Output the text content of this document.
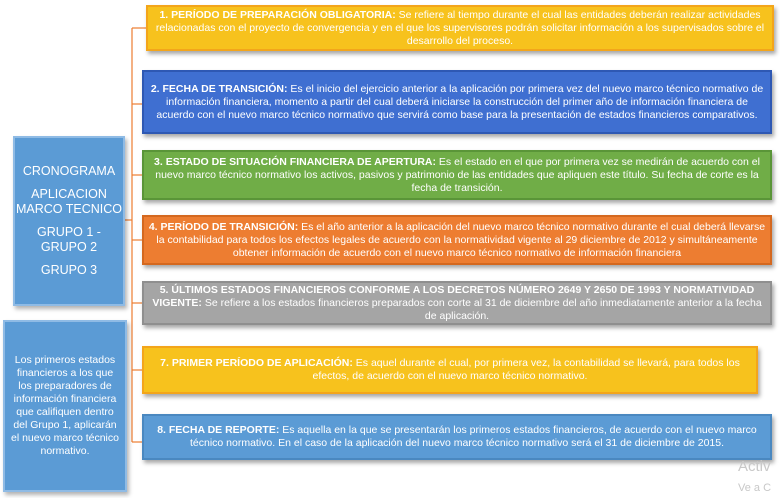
CRONOGRAMA
APLICACION MARCO TECNICO
GRUPO 1 - GRUPO 2
GRUPO 3
Los primeros estados financieros a los que los preparadores de información financiera que califiquen dentro del Grupo 1, aplicarán el nuevo marco técnico normativo.
1. PERÍODO DE PREPARACIÓN OBLIGATORIA: Se refiere al tiempo durante el cual las entidades deberán realizar actividades relacionadas con el proyecto de convergencia y en el que los supervisores podrán solicitar información a los supervisados sobre el desarrollo del proceso.
2. FECHA DE TRANSICIÓN: Es el inicio del ejercicio anterior a la aplicación por primera vez del nuevo marco técnico normativo de información financiera, momento a partir del cual deberá iniciarse la construcción del primer año de información financiera de acuerdo con el nuevo marco técnico normativo que servirá como base para la presentación de estados financieros comparativos.
3. ESTADO DE SITUACIÓN FINANCIERA DE APERTURA: Es el estado en el que por primera vez se medirán de acuerdo con el nuevo marco técnico normativo los activos, pasivos y patrimonio de las entidades que apliquen este título. Su fecha de corte es la fecha de transición.
4. PERÍODO DE TRANSICIÓN: Es el año anterior a la aplicación del nuevo marco técnico normativo durante el cual deberá llevarse la contabilidad para todos los efectos legales de acuerdo con la normatividad vigente al 29 diciembre de 2012 y simultáneamente obtener información de acuerdo con el nuevo marco técnico normativo de información financiera
5. ÚLTIMOS ESTADOS FINANCIEROS CONFORME A LOS DECRETOS NÚMERO 2649 Y 2650 DE 1993 Y NORMATIVIDAD VIGENTE: Se refiere a los estados financieros preparados con corte al 31 de diciembre del año inmediatamente anterior a la fecha de aplicación.
7. PRIMER PERÍODO DE APLICACIÓN: Es aquel durante el cual, por primera vez, la contabilidad se llevará, para todos los efectos, de acuerdo con el nuevo marco técnico normativo.
8. FECHA DE REPORTE: Es aquella en la que se presentarán los primeros estados financieros, de acuerdo con el nuevo marco técnico normativo. En el caso de la aplicación del nuevo marco técnico normativo será el 31 de diciembre de 2015.
Activ
Ve a C
